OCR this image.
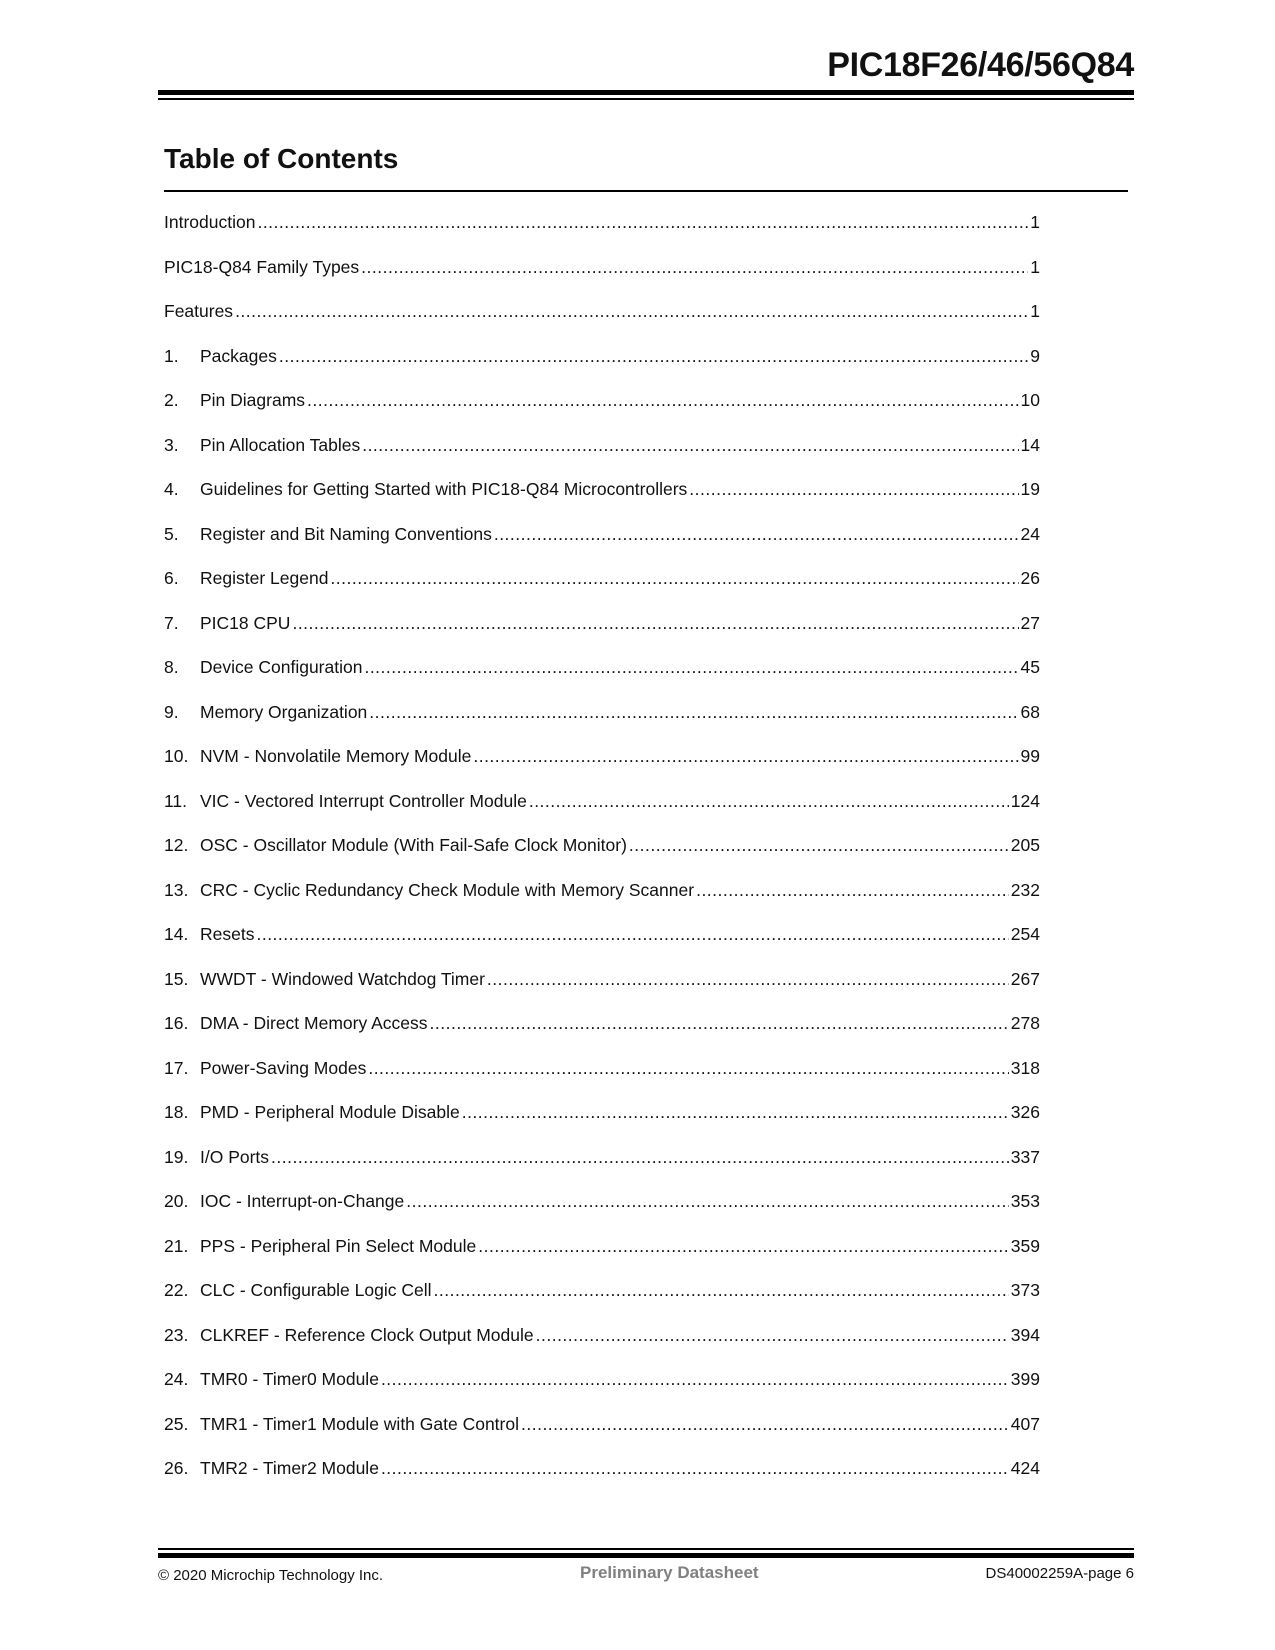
PIC18F26/46/56Q84
Table of Contents
Introduction .....	1
PIC18-Q84 Family Types .....	1
Features .....	1
1.	Packages .....	9
2.	Pin Diagrams .....	10
3.	Pin Allocation Tables .....	14
4.	Guidelines for Getting Started with PIC18-Q84 Microcontrollers .....	19
5.	Register and Bit Naming Conventions .....	24
6.	Register Legend .....	26
7.	PIC18 CPU .....	27
8.	Device Configuration .....	45
9.	Memory Organization .....	68
10. NVM - Nonvolatile Memory Module .....	99
11. VIC - Vectored Interrupt Controller Module .....	124
12. OSC - Oscillator Module (With Fail-Safe Clock Monitor) .....	205
13. CRC - Cyclic Redundancy Check Module with Memory Scanner .....	232
14. Resets .....	254
15. WWDT - Windowed Watchdog Timer .....	267
16. DMA - Direct Memory Access .....	278
17. Power-Saving Modes .....	318
18. PMD - Peripheral Module Disable .....	326
19. I/O Ports .....	337
20. IOC - Interrupt-on-Change .....	353
21. PPS - Peripheral Pin Select Module .....	359
22. CLC - Configurable Logic Cell .....	373
23. CLKREF - Reference Clock Output Module .....	394
24. TMR0 - Timer0 Module .....	399
25. TMR1 - Timer1 Module with Gate Control .....	407
26. TMR2 - Timer2 Module .....	424
© 2020 Microchip Technology Inc.	Preliminary Datasheet	DS40002259A-page 6
